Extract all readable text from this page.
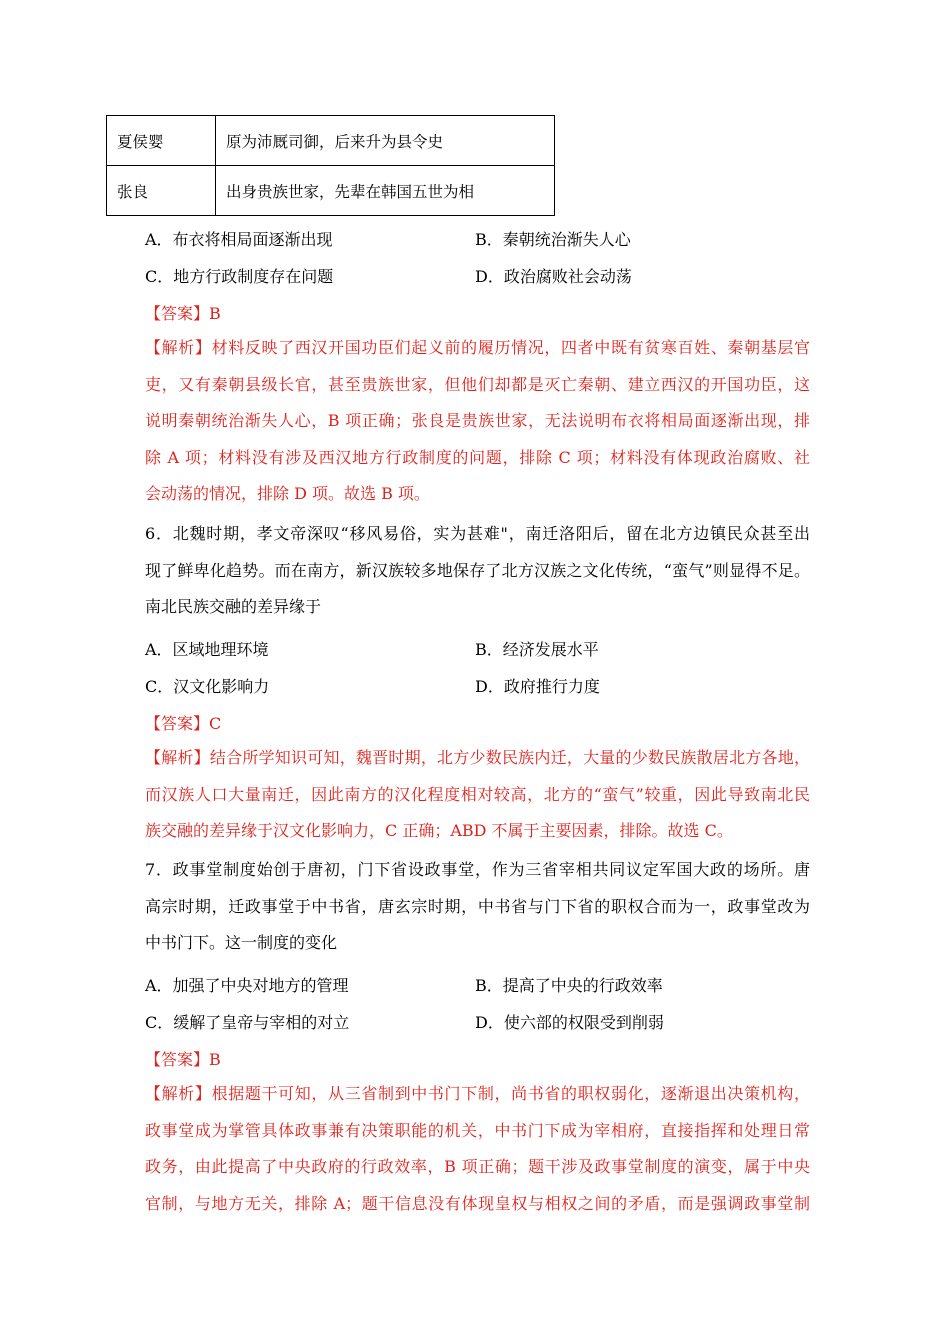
夏侯婴	原为沛厩司御，后来升为县令史
张良	出身贵族世家，先辈在韩国五世为相
A．布衣将相局面逐渐出现	B．秦朝统治渐失人心
C．地方行政制度存在问题	D．政治腐败社会动荡
【答案】B
【解析】材料反映了西汉开国功臣们起义前的履历情况，四者中既有贫寒百姓、秦朝基层官
吏，又有秦朝县级长官，甚至贵族世家，但他们却都是灭亡秦朝、建立西汉的开国功臣，这
说明秦朝统治渐失人心，B 项正确；张良是贵族世家，无法说明布衣将相局面逐渐出现，排
除 A 项；材料没有涉及西汉地方行政制度的问题，排除 C 项；材料没有体现政治腐败、社
会动荡的情况，排除 D 项。故选 B 项。
6．北魏时期，孝文帝深叹“移风易俗，实为甚难"，南迁洛阳后，留在北方边镇民众甚至出
现了鲜卑化趋势。而在南方，新汉族较多地保存了北方汉族之文化传统，“蛮气”则显得不足。
南北民族交融的差异缘于
A．区域地理环境	B．经济发展水平
C．汉文化影响力	D．政府推行力度
【答案】C
【解析】结合所学知识可知，魏晋时期，北方少数民族内迁，大量的少数民族散居北方各地，
而汉族人口大量南迁，因此南方的汉化程度相对较高，北方的“蛮气”较重，因此导致南北民
族交融的差异缘于汉文化影响力，C 正确；ABD 不属于主要因素，排除。故选 C。
7．政事堂制度始创于唐初，门下省设政事堂，作为三省宰相共同议定军国大政的场所。唐
高宗时期，迁政事堂于中书省，唐玄宗时期，中书省与门下省的职权合而为一，政事堂改为
中书门下。这一制度的变化
A．加强了中央对地方的管理	B．提高了中央的行政效率
C．缓解了皇帝与宰相的对立	D．使六部的权限受到削弱
【答案】B
【解析】根据题干可知，从三省制到中书门下制，尚书省的职权弱化，逐渐退出决策机构，
政事堂成为掌管具体政事兼有决策职能的机关，中书门下成为宰相府，直接指挥和处理日常
政务，由此提高了中央政府的行政效率，B 项正确；题干涉及政事堂制度的演变，属于中央
官制，与地方无关，排除 A；题干信息没有体现皇权与相权之间的矛盾，而是强调政事堂制
